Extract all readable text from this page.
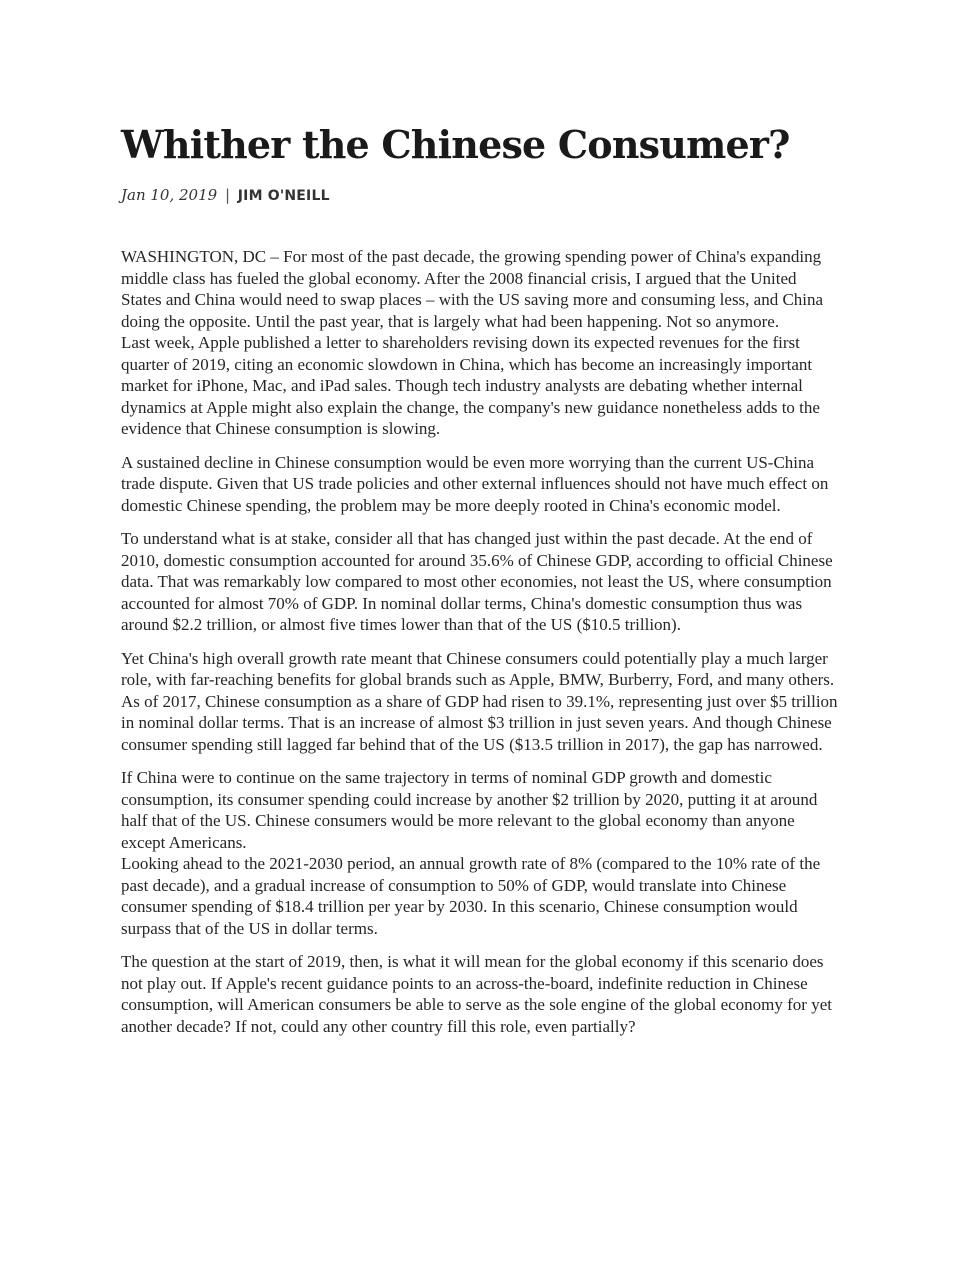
Whither the Chinese Consumer?
Jan 10, 2019 | JIM O'NEILL

WASHINGTON, DC – For most of the past decade, the growing spending power of China's expanding middle class has fueled the global economy. After the 2008 financial crisis, I argued that the United States and China would need to swap places – with the US saving more and consuming less, and China doing the opposite. Until the past year, that is largely what had been happening. Not so anymore.

Last week, Apple published a letter to shareholders revising down its expected revenues for the first quarter of 2019, citing an economic slowdown in China, which has become an increasingly important market for iPhone, Mac, and iPad sales. Though tech industry analysts are debating whether internal dynamics at Apple might also explain the change, the company's new guidance nonetheless adds to the evidence that Chinese consumption is slowing.

A sustained decline in Chinese consumption would be even more worrying than the current US-China trade dispute. Given that US trade policies and other external influences should not have much effect on domestic Chinese spending, the problem may be more deeply rooted in China's economic model.

To understand what is at stake, consider all that has changed just within the past decade. At the end of 2010, domestic consumption accounted for around 35.6% of Chinese GDP, according to official Chinese data. That was remarkably low compared to most other economies, not least the US, where consumption accounted for almost 70% of GDP. In nominal dollar terms, China's domestic consumption thus was around $2.2 trillion, or almost five times lower than that of the US ($10.5 trillion).

Yet China's high overall growth rate meant that Chinese consumers could potentially play a much larger role, with far-reaching benefits for global brands such as Apple, BMW, Burberry, Ford, and many others. As of 2017, Chinese consumption as a share of GDP had risen to 39.1%, representing just over $5 trillion in nominal dollar terms. That is an increase of almost $3 trillion in just seven years. And though Chinese consumer spending still lagged far behind that of the US ($13.5 trillion in 2017), the gap has narrowed.

If China were to continue on the same trajectory in terms of nominal GDP growth and domestic consumption, its consumer spending could increase by another $2 trillion by 2020, putting it at around half that of the US. Chinese consumers would be more relevant to the global economy than anyone except Americans.

Looking ahead to the 2021-2030 period, an annual growth rate of 8% (compared to the 10% rate of the past decade), and a gradual increase of consumption to 50% of GDP, would translate into Chinese consumer spending of $18.4 trillion per year by 2030. In this scenario, Chinese consumption would surpass that of the US in dollar terms.

The question at the start of 2019, then, is what it will mean for the global economy if this scenario does not play out. If Apple's recent guidance points to an across-the-board, indefinite reduction in Chinese consumption, will American consumers be able to serve as the sole engine of the global economy for yet another decade? If not, could any other country fill this role, even partially?
